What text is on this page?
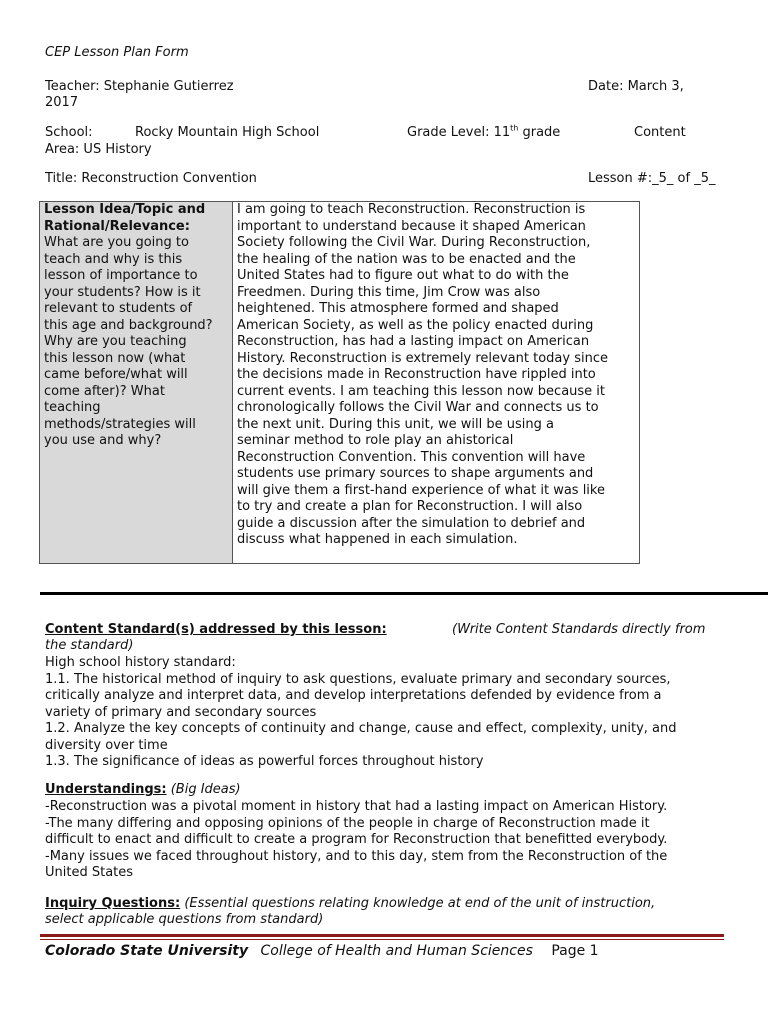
CEP Lesson Plan Form
Teacher: Stephanie Gutierrez	Date: March 3,
2017
School:	Rocky Mountain High School	Grade Level: 11th grade	Content
Area: US History
Title: Reconstruction Convention	Lesson #:_5_ of _5_
Lesson Idea/Topic and Rational/Relevance:
What are you going to
teach and why is this
lesson of importance to
your students? How is it
relevant to students of
this age and background?
Why are you teaching
this lesson now (what
came before/what will
come after)? What
teaching
methods/strategies will
you use and why?

I am going to teach Reconstruction. Reconstruction is
important to understand because it shaped American
Society following the Civil War. During Reconstruction,
the healing of the nation was to be enacted and the
United States had to figure out what to do with the
Freedmen. During this time, Jim Crow was also
heightened. This atmosphere formed and shaped
American Society, as well as the policy enacted during
Reconstruction, has had a lasting impact on American
History. Reconstruction is extremely relevant today since
the decisions made in Reconstruction have rippled into
current events. I am teaching this lesson now because it
chronologically follows the Civil War and connects us to
the next unit. During this unit, we will be using a
seminar method to role play an ahistorical
Reconstruction Convention. This convention will have
students use primary sources to shape arguments and
will give them a first-hand experience of what it was like
to try and create a plan for Reconstruction. I will also
guide a discussion after the simulation to debrief and
discuss what happened in each simulation.
Content Standard(s) addressed by this lesson:	(Write Content Standards directly from
the standard)
High school history standard:
1.1. The historical method of inquiry to ask questions, evaluate primary and secondary sources,
critically analyze and interpret data, and develop interpretations defended by evidence from a
variety of primary and secondary sources
1.2. Analyze the key concepts of continuity and change, cause and effect, complexity, unity, and
diversity over time
1.3. The significance of ideas as powerful forces throughout history
Understandings: (Big Ideas)
-Reconstruction was a pivotal moment in history that had a lasting impact on American History.
-The many differing and opposing opinions of the people in charge of Reconstruction made it
difficult to enact and difficult to create a program for Reconstruction that benefitted everybody.
-Many issues we faced throughout history, and to this day, stem from the Reconstruction of the
United States
Inquiry Questions: (Essential questions relating knowledge at end of the unit of instruction,
select applicable questions from standard)
Colorado State University College of Health and Human Sciences Page 1
